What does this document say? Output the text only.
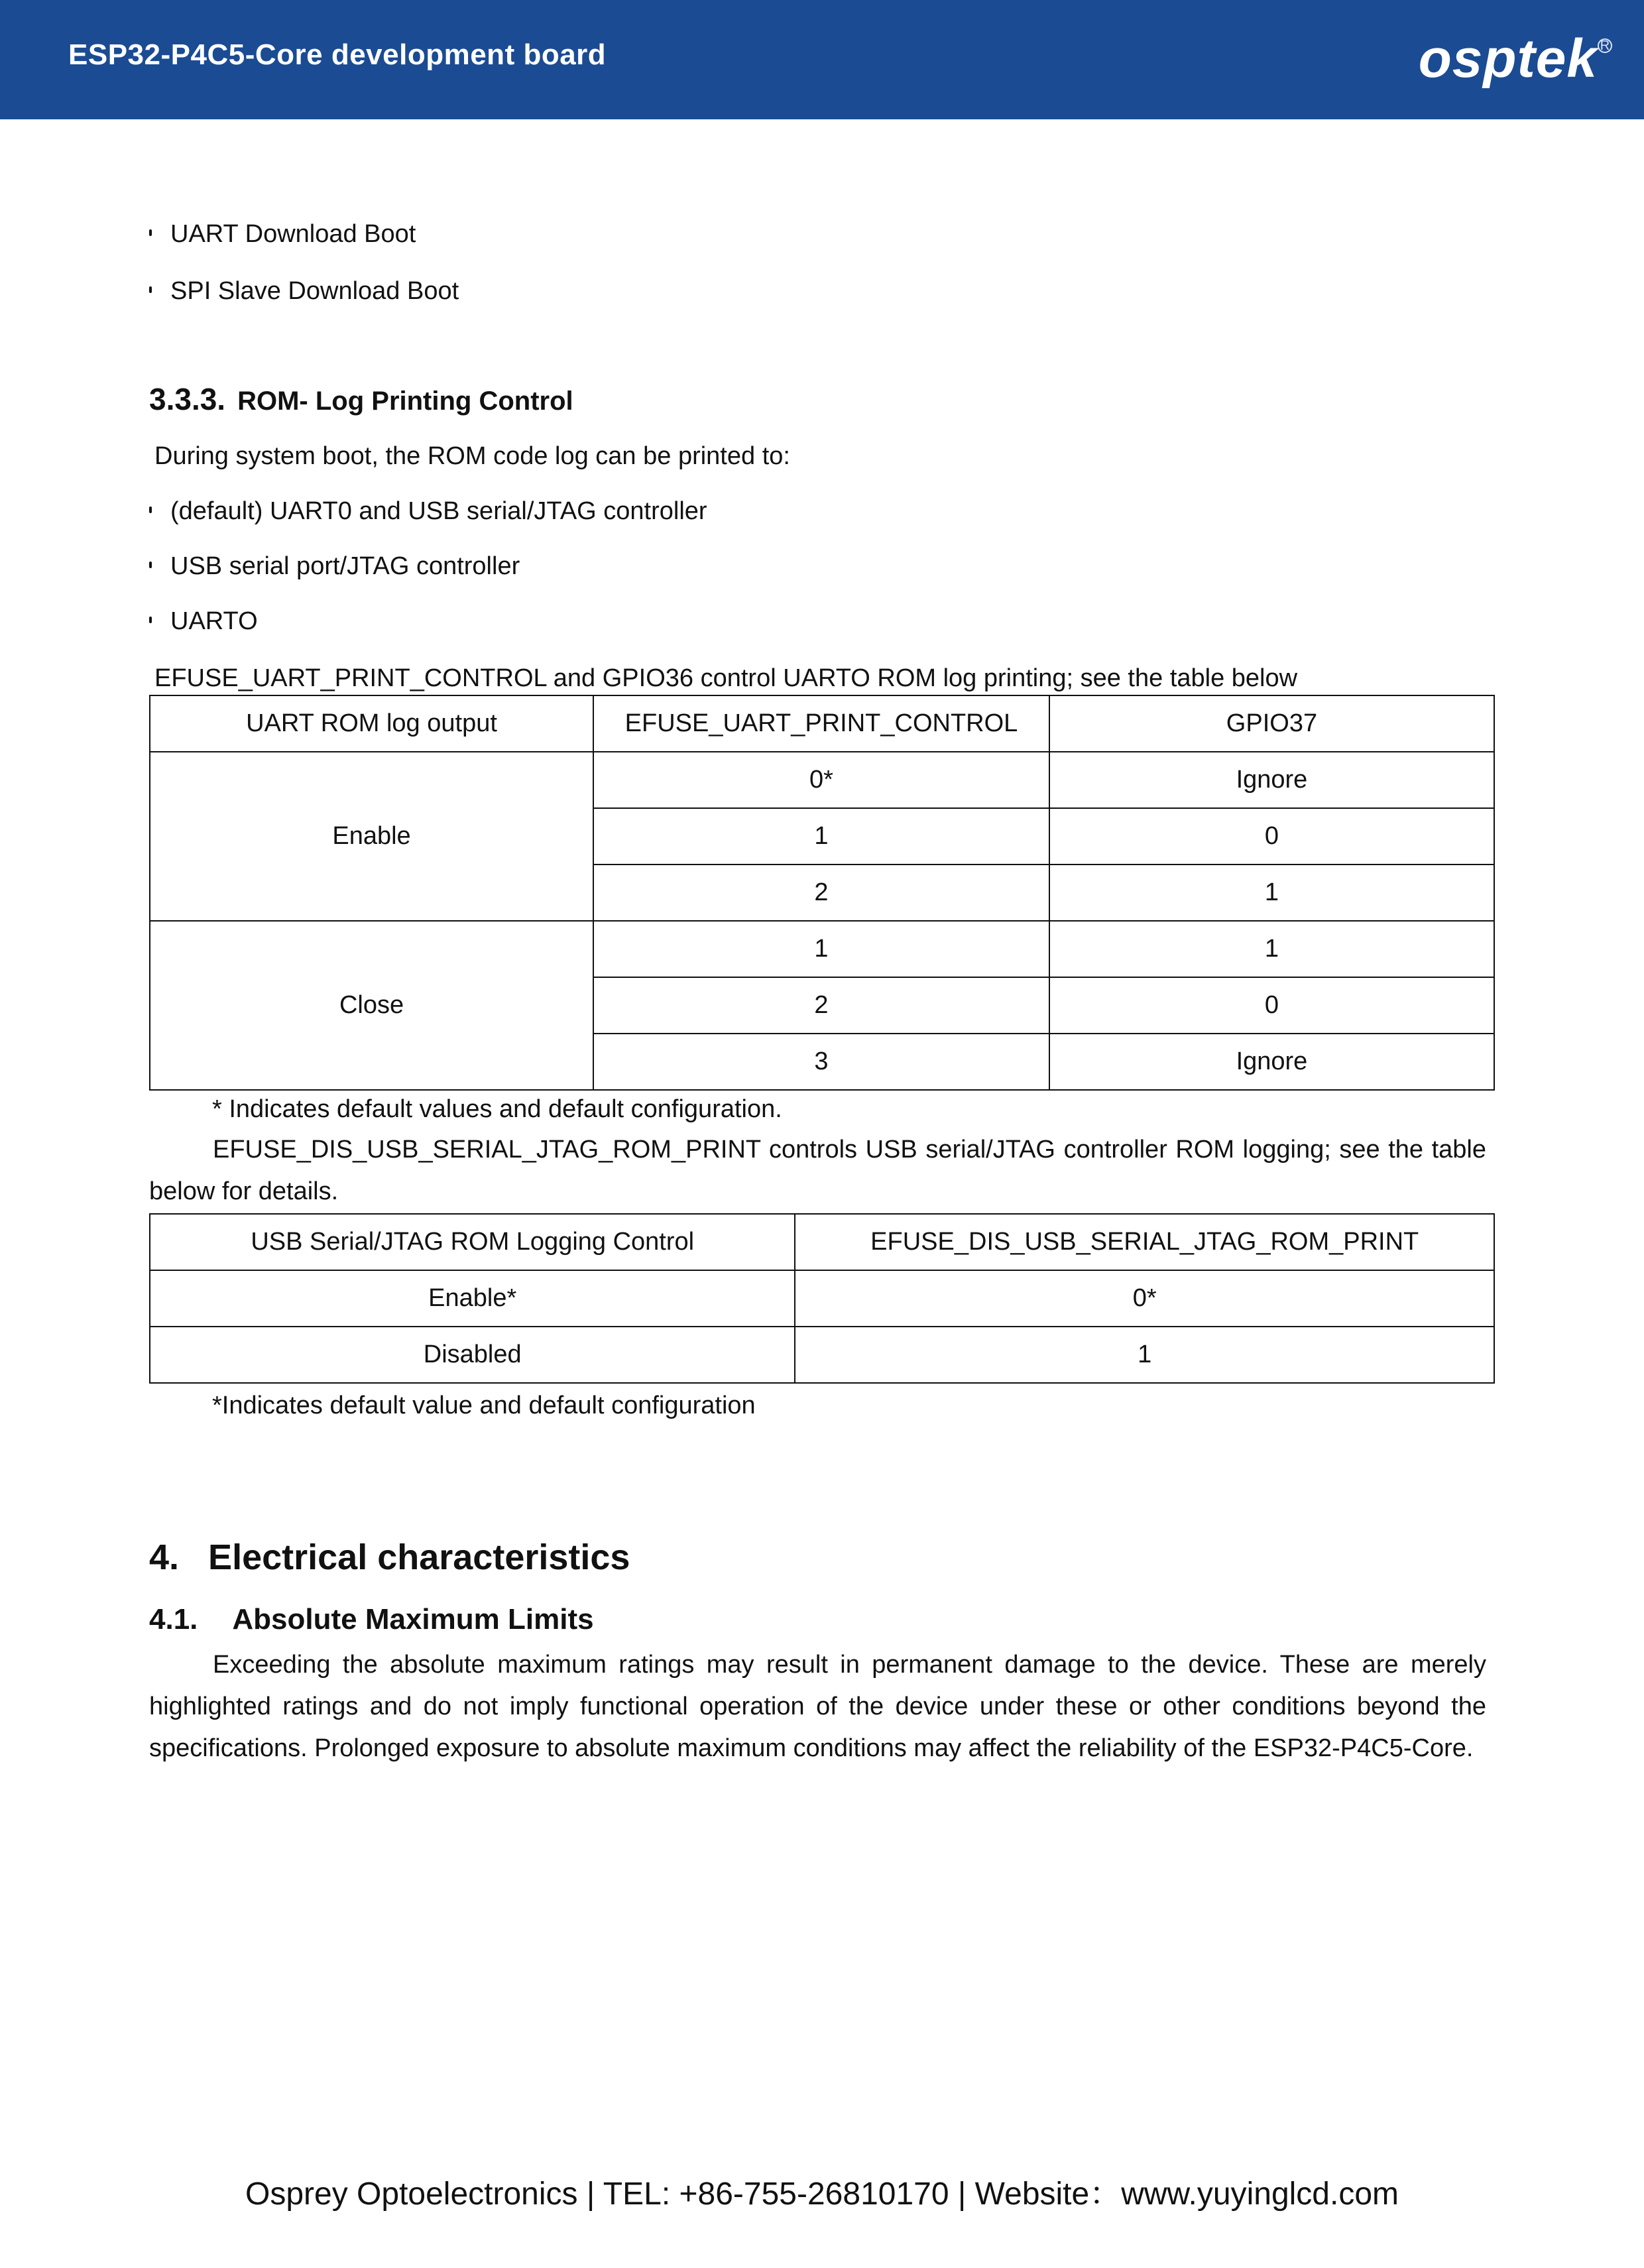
ESP32-P4C5-Core development board	osptek R
UART Download Boot
SPI Slave Download Boot
3.3.3. ROM- Log Printing Control
During system boot, the ROM code log can be printed to:
(default) UART0 and USB serial/JTAG controller
USB serial port/JTAG controller
UARTO
EFUSE_UART_PRINT_CONTROL and GPIO36 control UARTO ROM log printing; see the table below
UART ROM log output	EFUSE_UART_PRINT_CONTROL	GPIO37
Enable	0*	Ignore
	1	0
	2	1
Close	1	1
	2	0
	3	Ignore
* Indicates default values and default configuration.
EFUSE_DIS_USB_SERIAL_JTAG_ROM_PRINT controls USB serial/JTAG controller ROM logging; see the table below for details.
USB Serial/JTAG ROM Logging Control	EFUSE_DIS_USB_SERIAL_JTAG_ROM_PRINT
Enable*	0*
Disabled	1
*Indicates default value and default configuration
4. Electrical characteristics
4.1. Absolute Maximum Limits
Exceeding the absolute maximum ratings may result in permanent damage to the device. These are merely highlighted ratings and do not imply functional operation of the device under these or other conditions beyond the specifications. Prolonged exposure to absolute maximum conditions may affect the reliability of the ESP32-P4C5-Core.
Osprey Optoelectronics | TEL: +86-755-26810170 | Website：www.yuyinglcd.com
